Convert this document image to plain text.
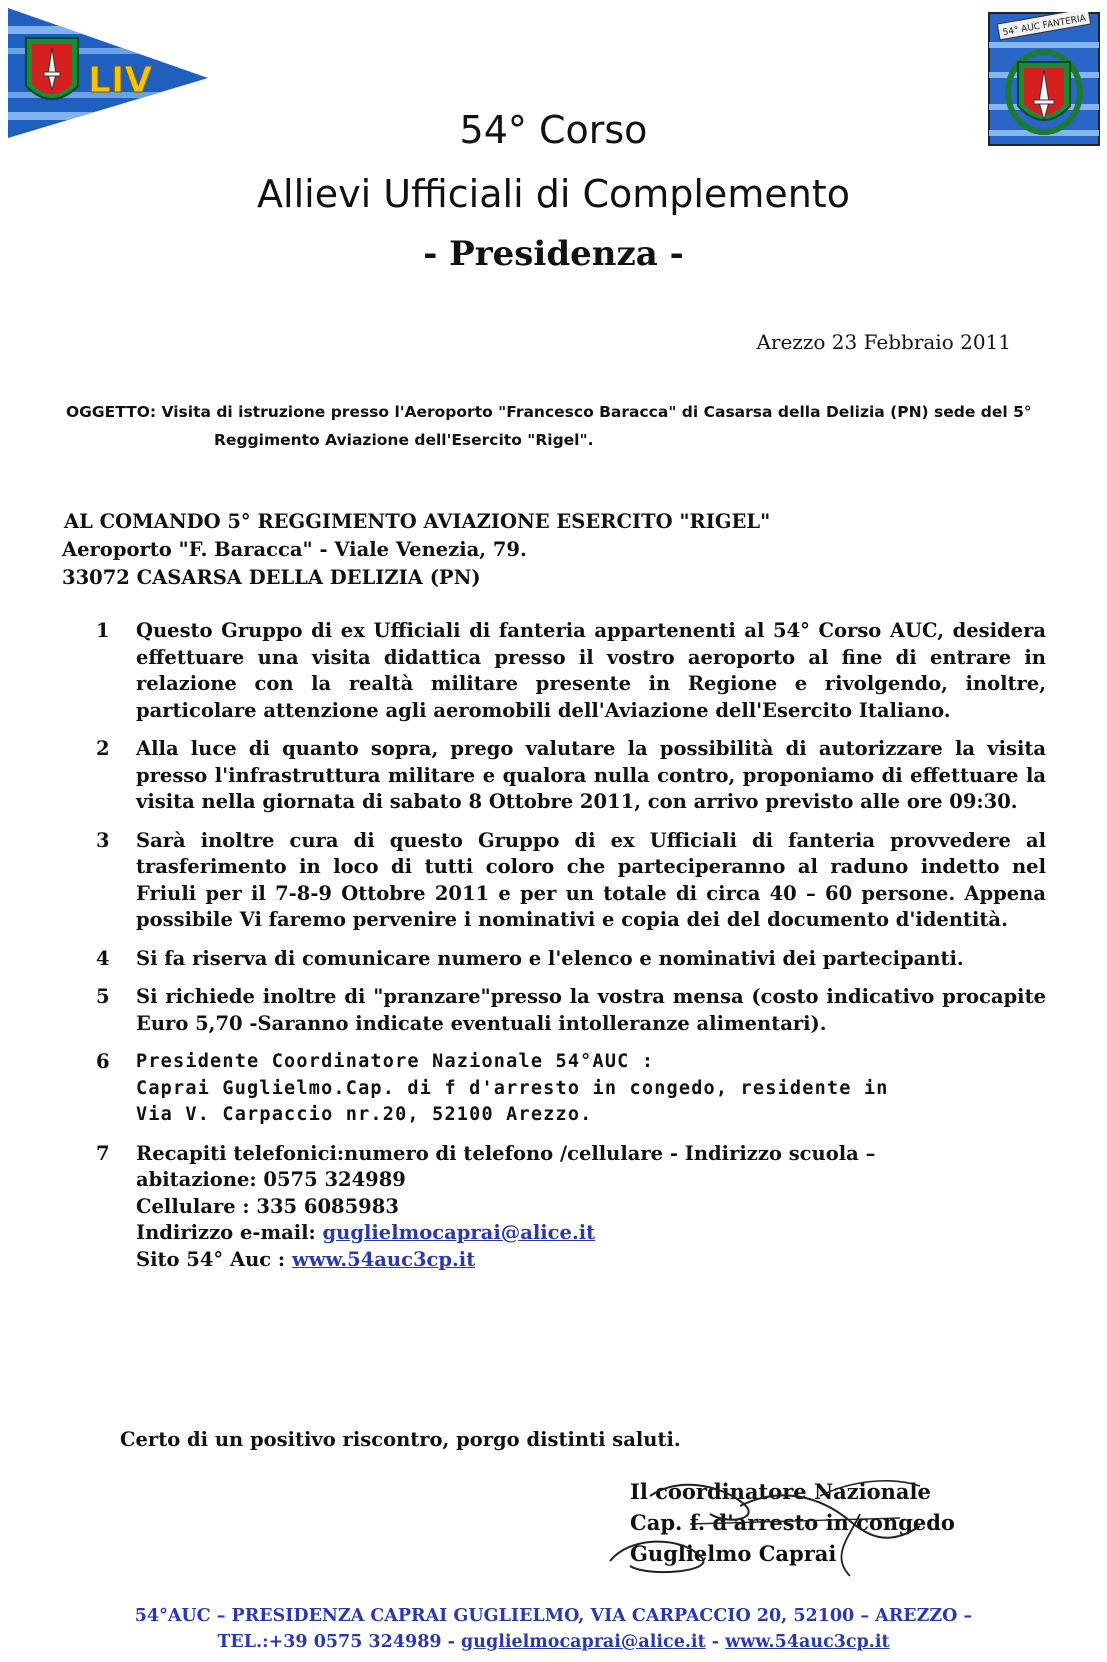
LIV
54° AUC FANTERIA
54° Corso
Allievi Ufficiali di Complemento
- Presidenza -
Arezzo 23 Febbraio 2011
OGGETTO: Visita di istruzione presso l'Aeroporto "Francesco Baracca" di Casarsa della Delizia (PN) sede del 5°
Reggimento Aviazione dell'Esercito "Rigel".
AL COMANDO 5° REGGIMENTO AVIAZIONE ESERCITO "RIGEL"
Aeroporto "F. Baracca" - Viale Venezia, 79.
33072 CASARSA DELLA DELIZIA (PN)
1	Questo Gruppo di ex Ufficiali di fanteria appartenenti al 54° Corso AUC, desidera effettuare una visita didattica presso il vostro aeroporto al fine di entrare in relazione con la realtà militare presente in Regione e rivolgendo, inoltre, particolare attenzione agli aeromobili dell'Aviazione dell'Esercito Italiano.
2	Alla luce di quanto sopra, prego valutare la possibilità di autorizzare la visita presso l'infrastruttura militare e qualora nulla contro, proponiamo di effettuare la visita nella giornata di sabato 8 Ottobre 2011, con arrivo previsto alle ore 09:30.
3	Sarà inoltre cura di questo Gruppo di ex Ufficiali di fanteria provvedere al trasferimento in loco di tutti coloro che parteciperanno al raduno indetto nel Friuli per il 7-8-9 Ottobre 2011 e per un totale di circa 40 – 60 persone. Appena possibile Vi faremo pervenire i nominativi e copia dei del documento d'identità.
4	Si fa riserva di comunicare numero e l'elenco e nominativi dei partecipanti.
5	Si richiede inoltre di "pranzare"presso la vostra mensa (costo indicativo procapite Euro 5,70 -Saranno indicate eventuali intolleranze alimentari).
6	Presidente Coordinatore Nazionale 54°AUC :
Caprai Guglielmo.Cap. di f d'arresto in congedo, residente in
Via V. Carpaccio nr.20, 52100 Arezzo.
7	Recapiti telefonici:numero di telefono /cellulare - Indirizzo scuola –
abitazione: 0575 324989
Cellulare : 335 6085983
Indirizzo e-mail: guglielmocaprai@alice.it
Sito 54° Auc : www.54auc3cp.it
Certo di un positivo riscontro, porgo distinti saluti.
Il coordinatore Nazionale
Cap. f. d'arresto in congedo
Guglielmo Caprai
54°AUC – PRESIDENZA CAPRAI GUGLIELMO, VIA CARPACCIO 20, 52100 – AREZZO –
TEL.:+39 0575 324989 - guglielmocaprai@alice.it - www.54auc3cp.it
